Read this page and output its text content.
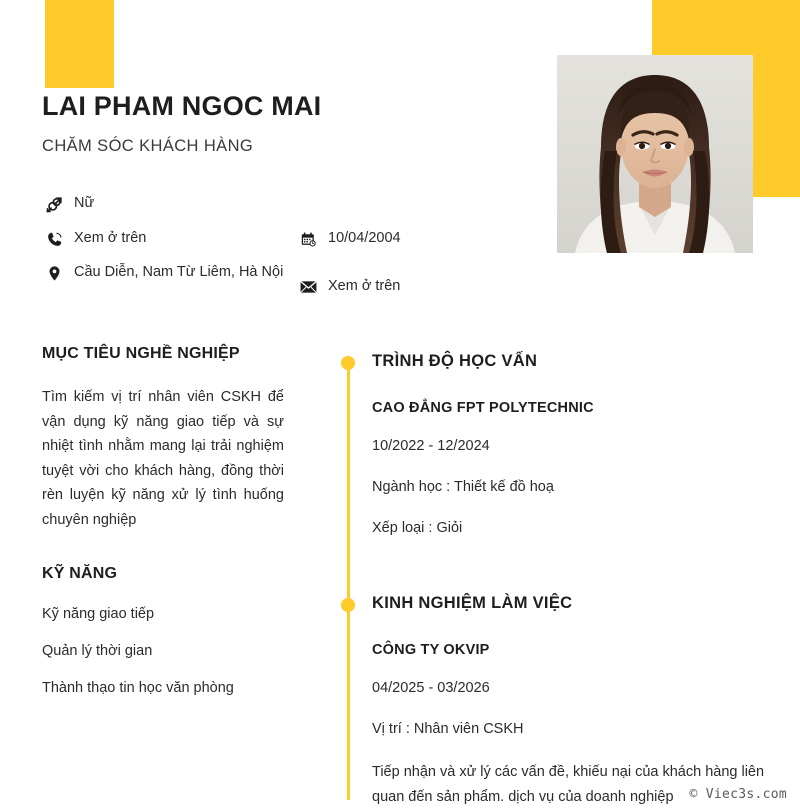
LAI PHAM NGOC MAI
CHĂM SÓC KHÁCH HÀNG
Nữ
Xem ở trên
Cầu Diễn, Nam Từ Liêm, Hà Nội
10/04/2004
Xem ở trên
MỤC TIÊU NGHỀ NGHIỆP

Tìm kiếm vị trí nhân viên CSKH để vận dụng kỹ năng giao tiếp và sự nhiệt tình nhằm mang lại trải nghiệm tuyệt vời cho khách hàng, đồng thời rèn luyện kỹ năng xử lý tình huống chuyên nghiệp

KỸ NĂNG
Kỹ năng giao tiếp
Quản lý thời gian
Thành thạo tin học văn phòng
TRÌNH ĐỘ HỌC VẤN
CAO ĐẲNG FPT POLYTECHNIC
10/2022 - 12/2024
Ngành học : Thiết kế đồ hoạ
Xếp loại : Giỏi
KINH NGHIỆM LÀM VIỆC
CÔNG TY OKVIP
04/2025 - 03/2026
Vị trí : Nhân viên CSKH
Tiếp nhận và xử lý các vấn đề, khiếu nại của khách hàng liên quan đến sản phẩm. dịch vụ của doanh nghiệp	© Viec3s.com
